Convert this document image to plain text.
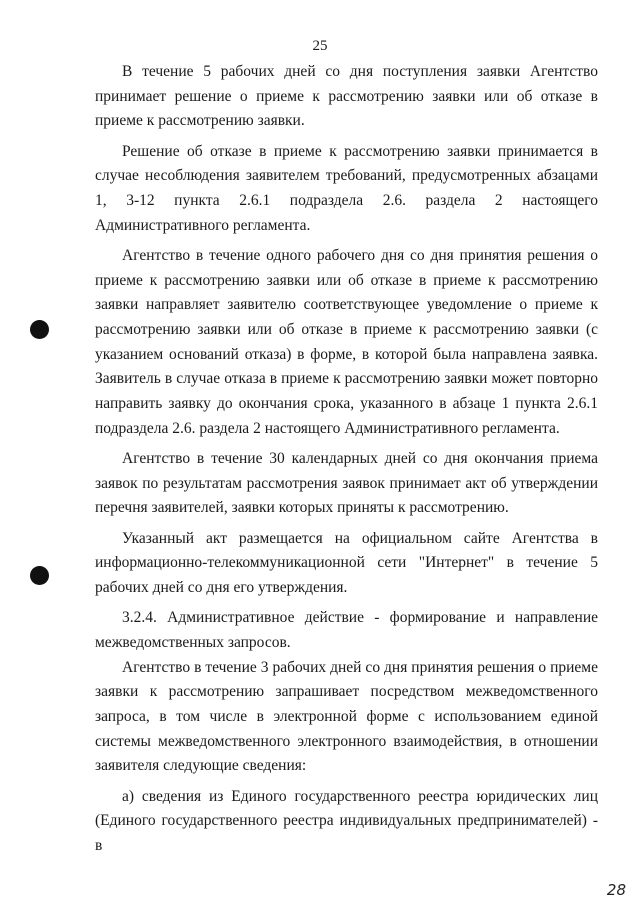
25

В течение 5 рабочих дней со дня поступления заявки Агентство принимает решение о приеме к рассмотрению заявки или об отказе в приеме к рассмотрению заявки.

Решение об отказе в приеме к рассмотрению заявки принимается в случае несоблюдения заявителем требований, предусмотренных абзацами 1, 3-12 пункта 2.6.1 подраздела 2.6. раздела 2 настоящего Административного регламента.

Агентство в течение одного рабочего дня со дня принятия решения о приеме к рассмотрению заявки или об отказе в приеме к рассмотрению заявки направляет заявителю соответствующее уведомление о приеме к рассмотрению заявки или об отказе в приеме к рассмотрению заявки (с указанием оснований отказа) в форме, в которой была направлена заявка. Заявитель в случае отказа в приеме к рассмотрению заявки может повторно направить заявку до окончания срока, указанного в абзаце 1 пункта 2.6.1 подраздела 2.6. раздела 2 настоящего Административного регламента.

Агентство в течение 30 календарных дней со дня окончания приема заявок по результатам рассмотрения заявок принимает акт об утверждении перечня заявителей, заявки которых приняты к рассмотрению.

Указанный акт размещается на официальном сайте Агентства в информационно-телекоммуникационной сети "Интернет" в течение 5 рабочих дней со дня его утверждения.

3.2.4. Административное действие - формирование и направление межведомственных запросов.

Агентство в течение 3 рабочих дней со дня принятия решения о приеме заявки к рассмотрению запрашивает посредством межведомственного запроса, в том числе в электронной форме с использованием единой системы межведомственного электронного взаимодействия, в отношении заявителя следующие сведения:

а) сведения из Единого государственного реестра юридических лиц (Единого государственного реестра индивидуальных предпринимателей) - в

28
